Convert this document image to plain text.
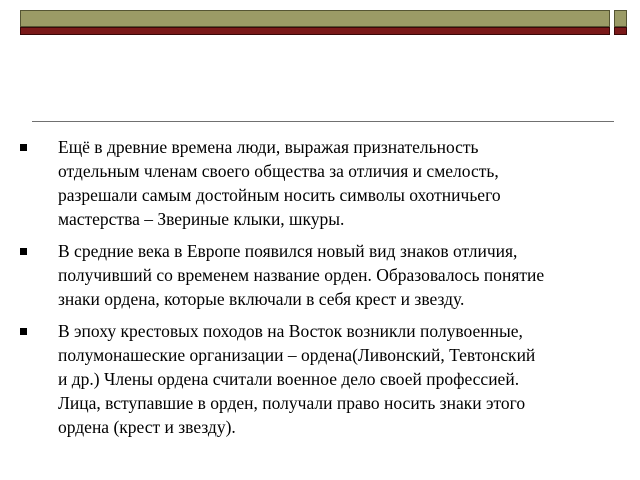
Ещё в древние времена люди, выражая признательность
отдельным членам своего общества за отличия и смелость,
разрешали самым достойным носить символы охотничьего
мастерства – Звериные клыки, шкуры.
В средние века в Европе появился новый вид знаков отличия,
получивший со временем название орден. Образовалось понятие
знаки ордена, которые включали в себя крест и звезду.
В эпоху крестовых походов на Восток возникли полувоенные,
полумонашеские организации – ордена(Ливонский, Тевтонский
и др.) Члены ордена считали военное дело своей профессией.
Лица, вступавшие в орден, получали право носить знаки этого
ордена (крест и звезду).
